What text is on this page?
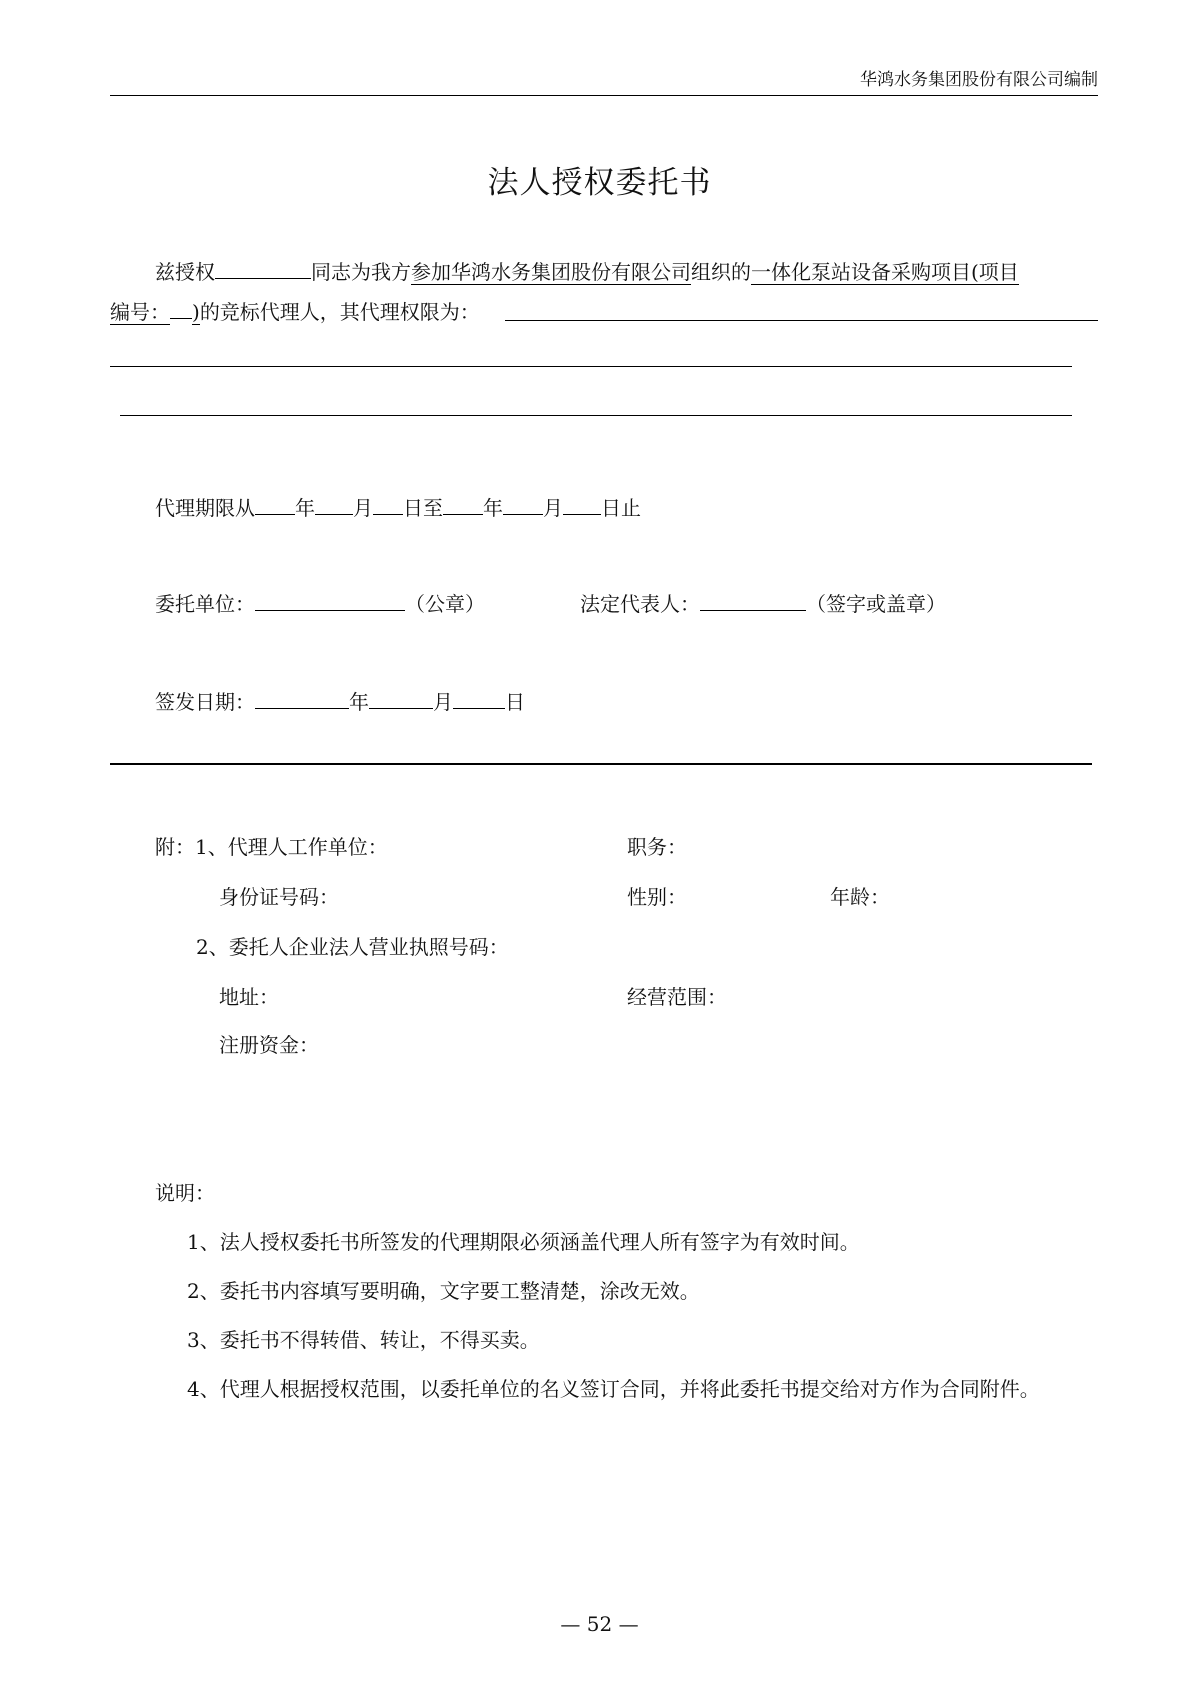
华鸿水务集团股份有限公司编制
法人授权委托书
兹授权	同志为我方参加华鸿水务集团股份有限公司组织的一体化泵站设备采购项目(项目
编号： )的竞标代理人，其代理权限为：
代理期限从 年 月 日至 年 月 日止
委托单位：	（公章）	法定代表人：	（签字或盖章）
签发日期：	年	月	日
附：1、代理人工作单位：	职务：
身份证号码：	性别：	年龄：
2、委托人企业法人营业执照号码：
地址：	经营范围：
注册资金：
说明：
1、法人授权委托书所签发的代理期限必须涵盖代理人所有签字为有效时间。
2、委托书内容填写要明确，文字要工整清楚，涂改无效。
3、委托书不得转借、转让，不得买卖。
4、代理人根据授权范围，以委托单位的名义签订合同，并将此委托书提交给对方作为合同附件。
— 52 —
